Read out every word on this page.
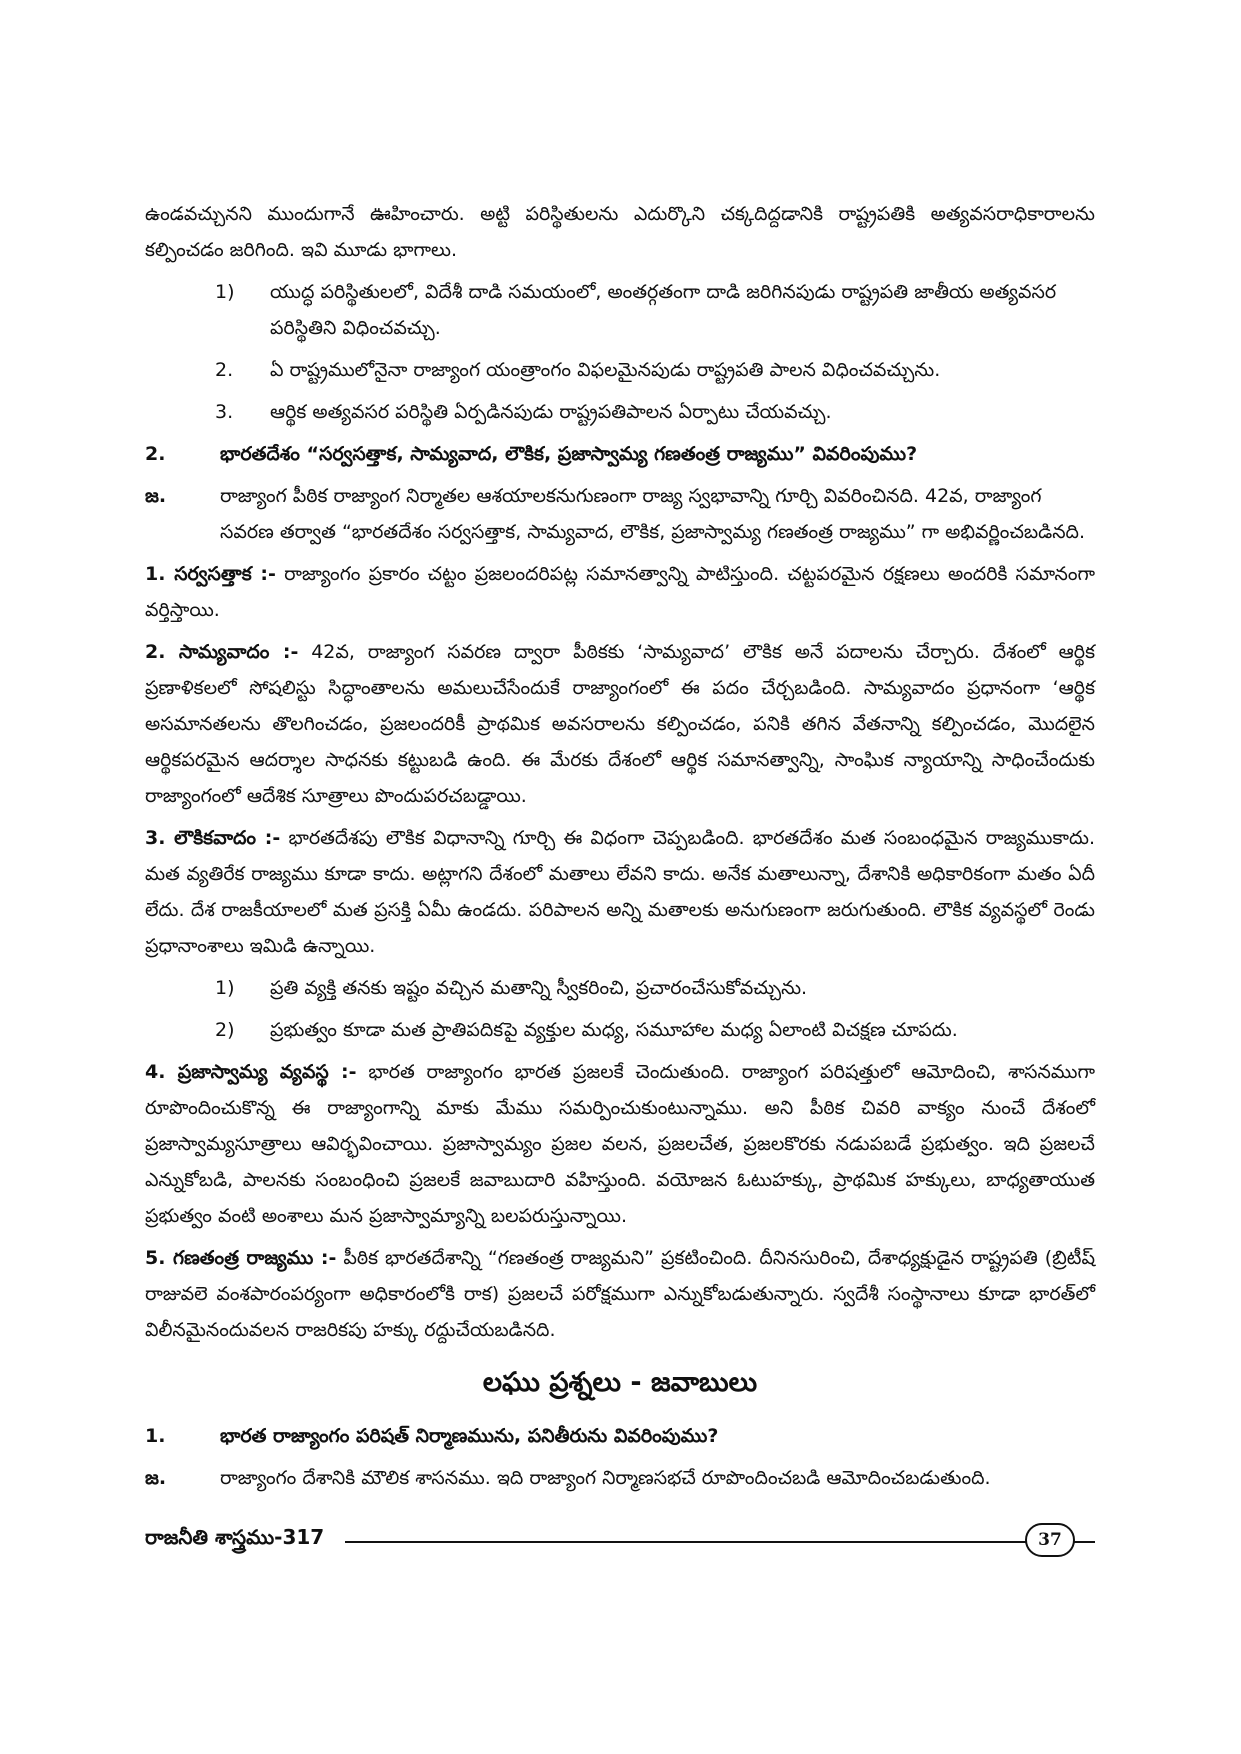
ఉండవచ్చునని ముందుగానే ఊహించారు. అట్టి పరిస్థితులను ఎదుర్కొని చక్కదిద్దడానికి రాష్ట్రపతికి అత్యవసరాధికారాలను కల్పించడం జరిగింది. ఇవి మూడు భాగాలు.

1) యుద్ధ పరిస్థితులలో, విదేశీ దాడి సమయంలో, అంతర్గతంగా దాడి జరిగినపుడు రాష్ట్రపతి జాతీయ అత్యవసర పరిస్థితిని విధించవచ్చు.
2. ఏ రాష్ట్రములోనైనా రాజ్యాంగ యంత్రాంగం విఫలమైనపుడు రాష్ట్రపతి పాలన విధించవచ్చును.
3. ఆర్థిక అత్యవసర పరిస్థితి ఏర్పడినపుడు రాష్ట్రపతిపాలన ఏర్పాటు చేయవచ్చు.
2.	భారతదేశం “సర్వసత్తాక, సామ్యవాద, లౌకిక, ప్రజాస్వామ్య గణతంత్ర రాజ్యము” వివరింపుము?
జ.	రాజ్యాంగ పీఠిక రాజ్యాంగ నిర్మాతల ఆశయాలకనుగుణంగా రాజ్య స్వభావాన్ని గూర్చి వివరించినది. 42వ, రాజ్యాంగ సవరణ తర్వాత “భారతదేశం సర్వసత్తాక, సామ్యవాద, లౌకిక, ప్రజాస్వామ్య గణతంత్ర రాజ్యము” గా అభివర్ణించబడినది.

1. సర్వసత్తాక :- రాజ్యాంగం ప్రకారం చట్టం ప్రజలందరిపట్ల సమానత్వాన్ని పాటిస్తుంది. చట్టపరమైన రక్షణలు అందరికి సమానంగా వర్తిస్తాయి.

2. సామ్యవాదం :- 42వ, రాజ్యాంగ సవరణ ద్వారా పీఠికకు ‘సామ్యవాద’ లౌకిక అనే పదాలను చేర్చారు. దేశంలో ఆర్థిక ప్రణాళికలలో సోషలిస్టు సిద్ధాంతాలను అమలుచేసేందుకే రాజ్యాంగంలో ఈ పదం చేర్చబడింది. సామ్యవాదం ప్రధానంగా ‘ఆర్థిక అసమానతలను తొలగించడం, ప్రజలందరికీ ప్రాథమిక అవసరాలను కల్పించడం, పనికి తగిన వేతనాన్ని కల్పించడం, మొదలైన ఆర్థికపరమైన ఆదర్శాల సాధనకు కట్టుబడి ఉంది. ఈ మేరకు దేశంలో ఆర్థిక సమానత్వాన్ని, సాంఘిక న్యాయాన్ని సాధించేందుకు రాజ్యాంగంలో ఆదేశిక సూత్రాలు పొందుపరచబడ్డాయి.

3. లౌకికవాదం :- భారతదేశపు లౌకిక విధానాన్ని గూర్చి ఈ విధంగా చెప్పబడింది. భారతదేశం మత సంబంధమైన రాజ్యముకాదు. మత వ్యతిరేక రాజ్యము కూడా కాదు. అట్లాగని దేశంలో మతాలు లేవని కాదు. అనేక మతాలున్నా, దేశానికి అధికారికంగా మతం ఏదీ లేదు. దేశ రాజకీయాలలో మత ప్రసక్తి ఏమీ ఉండదు. పరిపాలన అన్ని మతాలకు అనుగుణంగా జరుగుతుంది. లౌకిక వ్యవస్థలో రెండు ప్రధానాంశాలు ఇమిడి ఉన్నాయి.

1) ప్రతి వ్యక్తి తనకు ఇష్టం వచ్చిన మతాన్ని స్వీకరించి, ప్రచారంచేసుకోవచ్చును.
2) ప్రభుత్వం కూడా మత ప్రాతిపదికపై వ్యక్తుల మధ్య, సమూహాల మధ్య ఏలాంటి విచక్షణ చూపదు.

4. ప్రజాస్వామ్య వ్యవస్థ :- భారత రాజ్యాంగం భారత ప్రజలకే చెందుతుంది. రాజ్యాంగ పరిషత్తులో ఆమోదించి, శాసనముగా రూపొందించుకొన్న ఈ రాజ్యాంగాన్ని మాకు మేము సమర్పించుకుంటున్నాము. అని పీఠిక చివరి వాక్యం నుంచే దేశంలో ప్రజాస్వామ్యసూత్రాలు ఆవిర్భవించాయి. ప్రజాస్వామ్యం ప్రజల వలన, ప్రజలచేత, ప్రజలకొరకు నడుపబడే ప్రభుత్వం. ఇది ప్రజలచే ఎన్నుకోబడి, పాలనకు సంబంధించి ప్రజలకే జవాబుదారి వహిస్తుంది. వయోజన ఓటుహక్కు, ప్రాథమిక హక్కులు, బాధ్యతాయుత ప్రభుత్వం వంటి అంశాలు మన ప్రజాస్వామ్యాన్ని బలపరుస్తున్నాయి.

5. గణతంత్ర రాజ్యము :- పీఠిక భారతదేశాన్ని “గణతంత్ర రాజ్యమని” ప్రకటించింది. దీనినసురించి, దేశాధ్యక్షుడైన రాష్ట్రపతి (బ్రిటీష్ రాజువలె వంశపారంపర్యంగా అధికారంలోకి రాక) ప్రజలచే పరోక్షముగా ఎన్నుకోబడుతున్నారు. స్వదేశీ సంస్థానాలు కూడా భారత్‌లో విలీనమైనందువలన రాజరికపు హక్కు రద్దుచేయబడినది.

లఘు ప్రశ్నలు - జవాబులు
1.	భారత రాజ్యాంగం పరిషత్ నిర్మాణమును, పనితీరును వివరింపుము?
జ.	రాజ్యాంగం దేశానికి మౌలిక శాసనము. ఇది రాజ్యాంగ నిర్మాణసభచే రూపొందించబడి ఆమోదించబడుతుంది.
రాజనీతి శాస్త్రము-317	37
